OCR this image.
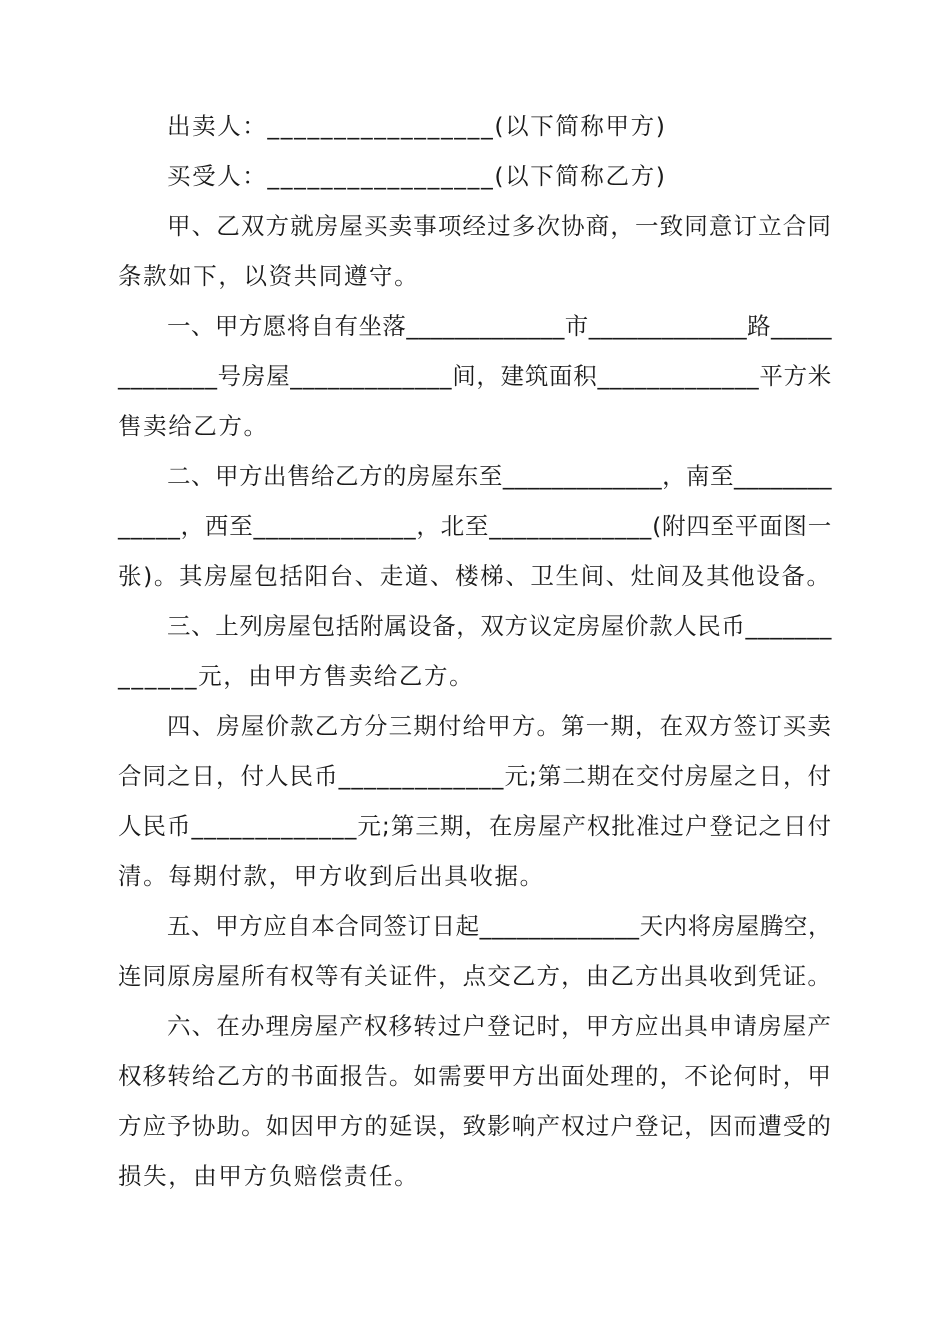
出卖人：_________________(以下简称甲方)
买受人：_________________(以下简称乙方)
甲、乙双方就房屋买卖事项经过多次协商，一致同意订立合同
条款如下，以资共同遵守。
一、甲方愿将自有坐落_____________市_____________路_____
________号房屋_____________间，建筑面积_____________平方米
售卖给乙方。
二、甲方出售给乙方的房屋东至_____________，南至________
_____，西至_____________，北至_____________(附四至平面图一
张)。其房屋包括阳台、走道、楼梯、卫生间、灶间及其他设备。
三、上列房屋包括附属设备，双方议定房屋价款人民币_______
______元，由甲方售卖给乙方。
四、房屋价款乙方分三期付给甲方。第一期，在双方签订买卖
合同之日，付人民币_____________元;第二期在交付房屋之日，付
人民币_____________元;第三期，在房屋产权批准过户登记之日付
清。每期付款，甲方收到后出具收据。
五、甲方应自本合同签订日起_____________天内将房屋腾空，
连同原房屋所有权等有关证件，点交乙方，由乙方出具收到凭证。
六、在办理房屋产权移转过户登记时，甲方应出具申请房屋产
权移转给乙方的书面报告。如需要甲方出面处理的，不论何时，甲
方应予协助。如因甲方的延误，致影响产权过户登记，因而遭受的
损失，由甲方负赔偿责任。
